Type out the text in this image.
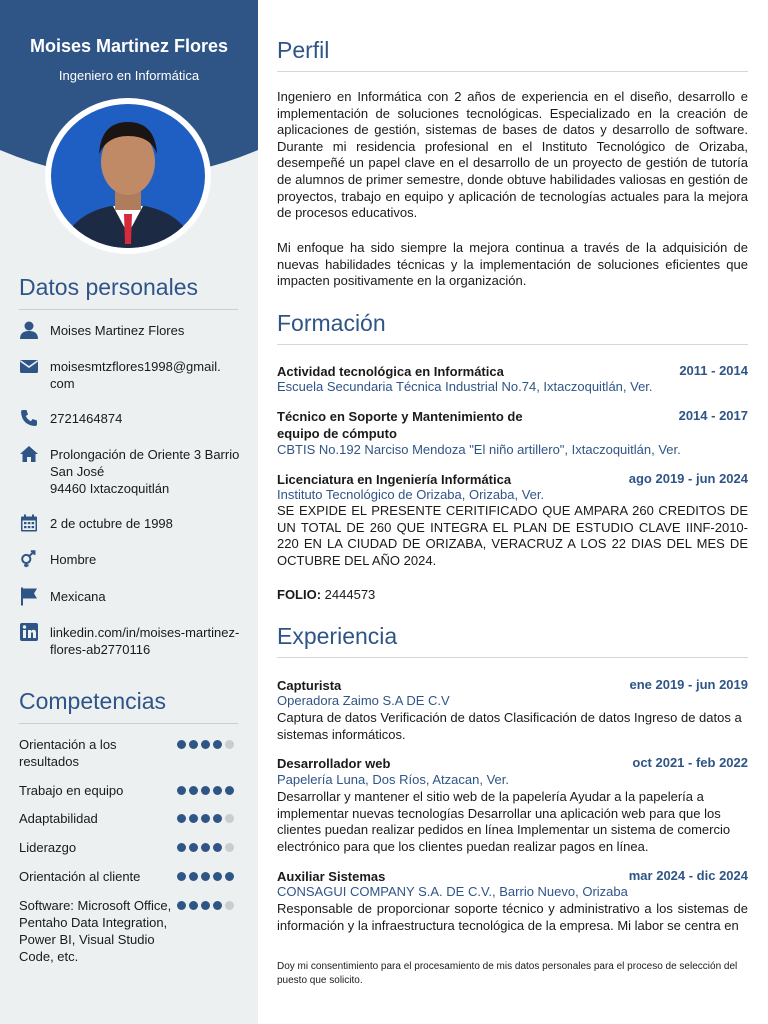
Moises Martinez Flores
Ingeniero en Informática
Datos personales
Moises Martinez Flores
moisesmtzflores1998@gmail.
com
2721464874
Prolongación de Oriente 3 Barrio
San José
94460 Ixtaczoquitlán
2 de octubre de 1998
Hombre
Mexicana
linkedin.com/in/moises-martinez-
flores-ab2770116
Competencias
Orientación a los resultados
Trabajo en equipo
Adaptabilidad
Liderazgo
Orientación al cliente
Software: Microsoft Office, Pentaho Data Integration, Power BI, Visual Studio Code, etc.
Perfil
Ingeniero en Informática con 2 años de experiencia en el diseño, desarrollo e implementación de soluciones tecnológicas. Especializado en la creación de aplicaciones de gestión, sistemas de bases de datos y desarrollo de software. Durante mi residencia profesional en el Instituto Tecnológico de Orizaba, desempeñé un papel clave en el desarrollo de un proyecto de gestión de tutoría de alumnos de primer semestre, donde obtuve habilidades valiosas en gestión de proyectos, trabajo en equipo y aplicación de tecnologías actuales para la mejora de procesos educativos.
Mi enfoque ha sido siempre la mejora continua a través de la adquisición de nuevas habilidades técnicas y la implementación de soluciones eficientes que impacten positivamente en la organización.
Formación
Actividad tecnológica en Informática	2011 - 2014
Escuela Secundaria Técnica Industrial No.74, Ixtaczoquitlán, Ver.
Técnico en Soporte y Mantenimiento de equipo de cómputo
2014 - 2017
CBTIS No.192 Narciso Mendoza "El niño artillero", Ixtaczoquitlán, Ver.
Licenciatura en Ingeniería Informática	ago 2019 - jun 2024
Instituto Tecnológico de Orizaba, Orizaba, Ver.
SE EXPIDE EL PRESENTE CERITIFICADO QUE AMPARA 260 CREDITOS DE UN TOTAL DE 260 QUE INTEGRA EL PLAN DE ESTUDIO CLAVE IINF-2010-220 EN LA CIUDAD DE ORIZABA, VERACRUZ A LOS 22 DIAS DEL MES DE OCTUBRE DEL AÑO 2024.
FOLIO: 2444573
Experiencia
Capturista	ene 2019 - jun 2019
Operadora Zaimo S.A DE C.V
Captura de datos Verificación de datos Clasificación de datos Ingreso de datos a sistemas informáticos.
Desarrollador web	oct 2021 - feb 2022
Papelería Luna, Dos Ríos, Atzacan, Ver.
Desarrollar y mantener el sitio web de la papelería Ayudar a la papelería a implementar nuevas tecnologías Desarrollar una aplicación web para que los clientes puedan realizar pedidos en línea Implementar un sistema de comercio electrónico para que los clientes puedan realizar pagos en línea.
Auxiliar Sistemas	mar 2024 - dic 2024
CONSAGUI COMPANY S.A. DE C.V., Barrio Nuevo, Orizaba
Responsable de proporcionar soporte técnico y administrativo a los sistemas de información y la infraestructura tecnológica de la empresa. Mi labor se centra en
Doy mi consentimiento para el procesamiento de mis datos personales para el proceso de selección del puesto que solicito.
